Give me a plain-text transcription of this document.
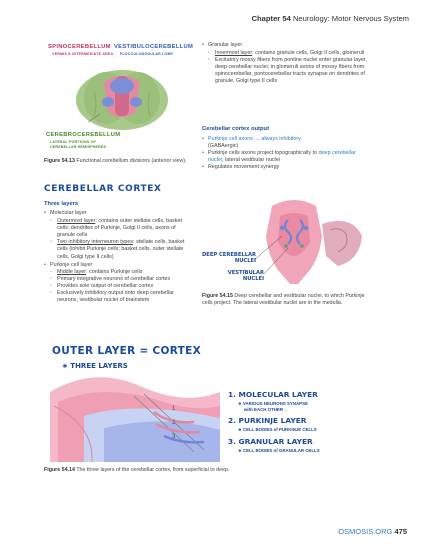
Chapter 54 Neurology: Motor Nervous System
SPINOCEREBELLUM
VERMIS & INTERMEDIATE AREA
VESTIBULOCEREBELLUM
FLOCCULONODULAR LOBE
CEREBROCEREBELLUM
LATERAL PORTIONS OF
CEREBELLAR HEMISPHERES
Figure 54.13 Functional cerebellum divisions (anterior view).
CEREBELLAR CORTEX
Three layers
• Molecular layer
◦ Outermost layer: contains outer stellate cells, basket cells; dendrites of Purkinje, Golgi II cells, axons of granule cells
◦ Two inhibitory interneuron types: stellate cells, basket cells (inhibit Purkinje cells; basket cells, outer stellate cells, Golgi type II cells)
• Purkinje cell layer
◦ Middle layer: contains Purkinje cells
◦ Primary integrative neurons of cerebellar cortex
◦ Provides sole output of cerebellar cortex
◦ Exclusively inhibitory output onto deep cerebellar neurons, vestibular nuclei of brainstem
• Granular layer
◦ Innermost layer: contains granule cells, Golgi II cells, glomeruli
◦ Excitatory mossy fibers from pontine nuclei enter granular layer, deep cerebellar nuclei; in glomeruli axons of mossy fibers from spinocerebellar, pontocerebellar tracts synapse on dendrites of granule, Golgi type II cells
Cerebellar cortex output
• Purkinje cell axons → always inhibitory
(GABAergic)
• Purkinje cells axons project topographically to deep cerebellar nuclei, lateral vestibular nuclei
• Regulates movement synergy
DEEP CEREBELLAR
NUCLEI
VESTIBULAR
NUCLEI
Figure 54.15 Deep cerebellar and vestibular nuclei, to which Purkinje cells project. The lateral vestibular nuclei are in the medulla.
OUTER LAYER = CORTEX
∗ THREE LAYERS
1
2
3
1. MOLECULAR LAYER
∗ VARIOUS NEURONS SYNAPSE
with EACH OTHER
2. PURKINJE LAYER
∗ CELL BODIES of PURKINJE CELLS
3. GRANULAR LAYER
∗ CELL BODIES of GRANULAR CELLS
Figure 54.14 The three layers of the cerebellar cortex, from superficial to deep.
OSMOSIS.ORG 475
